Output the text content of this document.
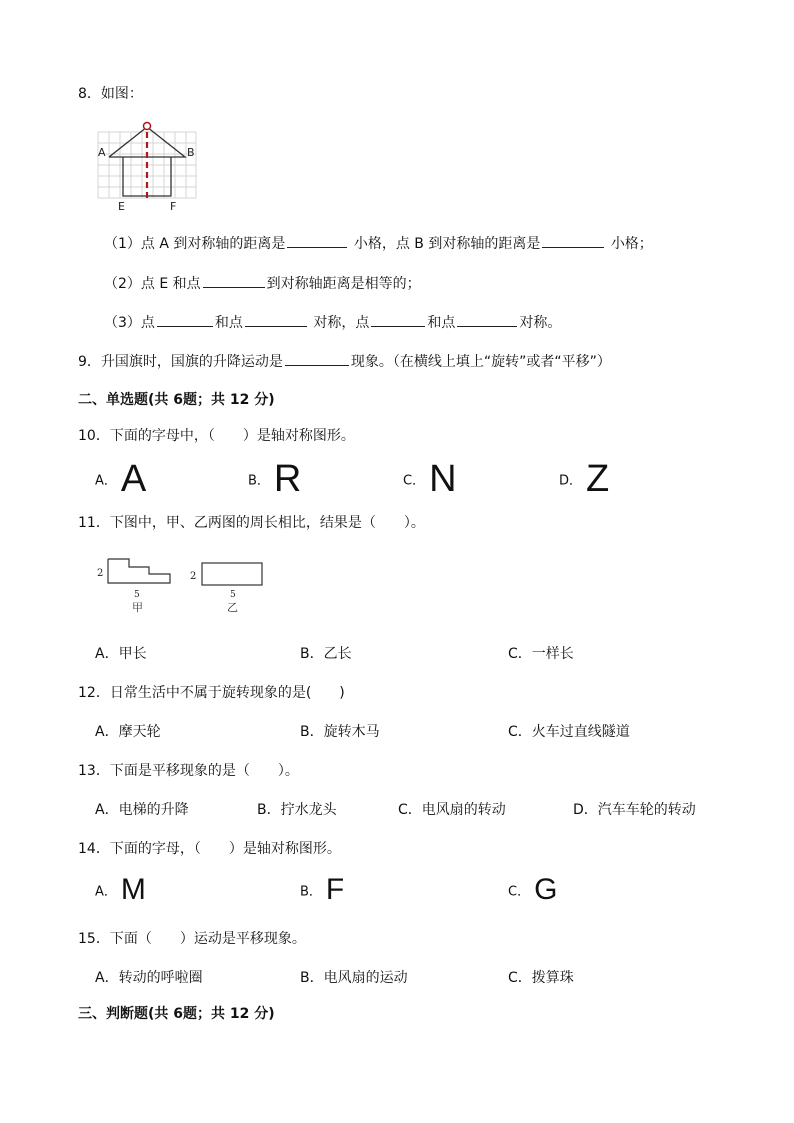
8．如图：
A	B
E	F
（1）点 A 到对称轴的距离是	小格，点 B 到对称轴的距离是	小格；
（2）点 E 和点	到对称轴距离是相等的；
（3）点	和点	对称，点	和点	对称。
9．升国旗时，国旗的升降运动是	现象。（在横线上填上“旋转”或者“平移”）
二、单选题(共 6题；共 12 分)
10．下面的字母中，（　　）是轴对称图形。
A． A	B． R	C． N	D． Z
11．下图中，甲、乙两图的周长相比，结果是（　　）。
2	2
5	5
甲	乙
A．甲长	B．乙长	C．一样长
12．日常生活中不属于旋转现象的是(　　)
A．摩天轮	B．旋转木马	C．火车过直线隧道
13．下面是平移现象的是（　　）。
A．电梯的升降	B．拧水龙头	C．电风扇的转动	D．汽车车轮的转动
14．下面的字母，（　　）是轴对称图形。
A． M	B． F	C． G
15．下面（　　）运动是平移现象。
A．转动的呼啦圈	B．电风扇的运动	C．拨算珠
三、判断题(共 6题；共 12 分)
